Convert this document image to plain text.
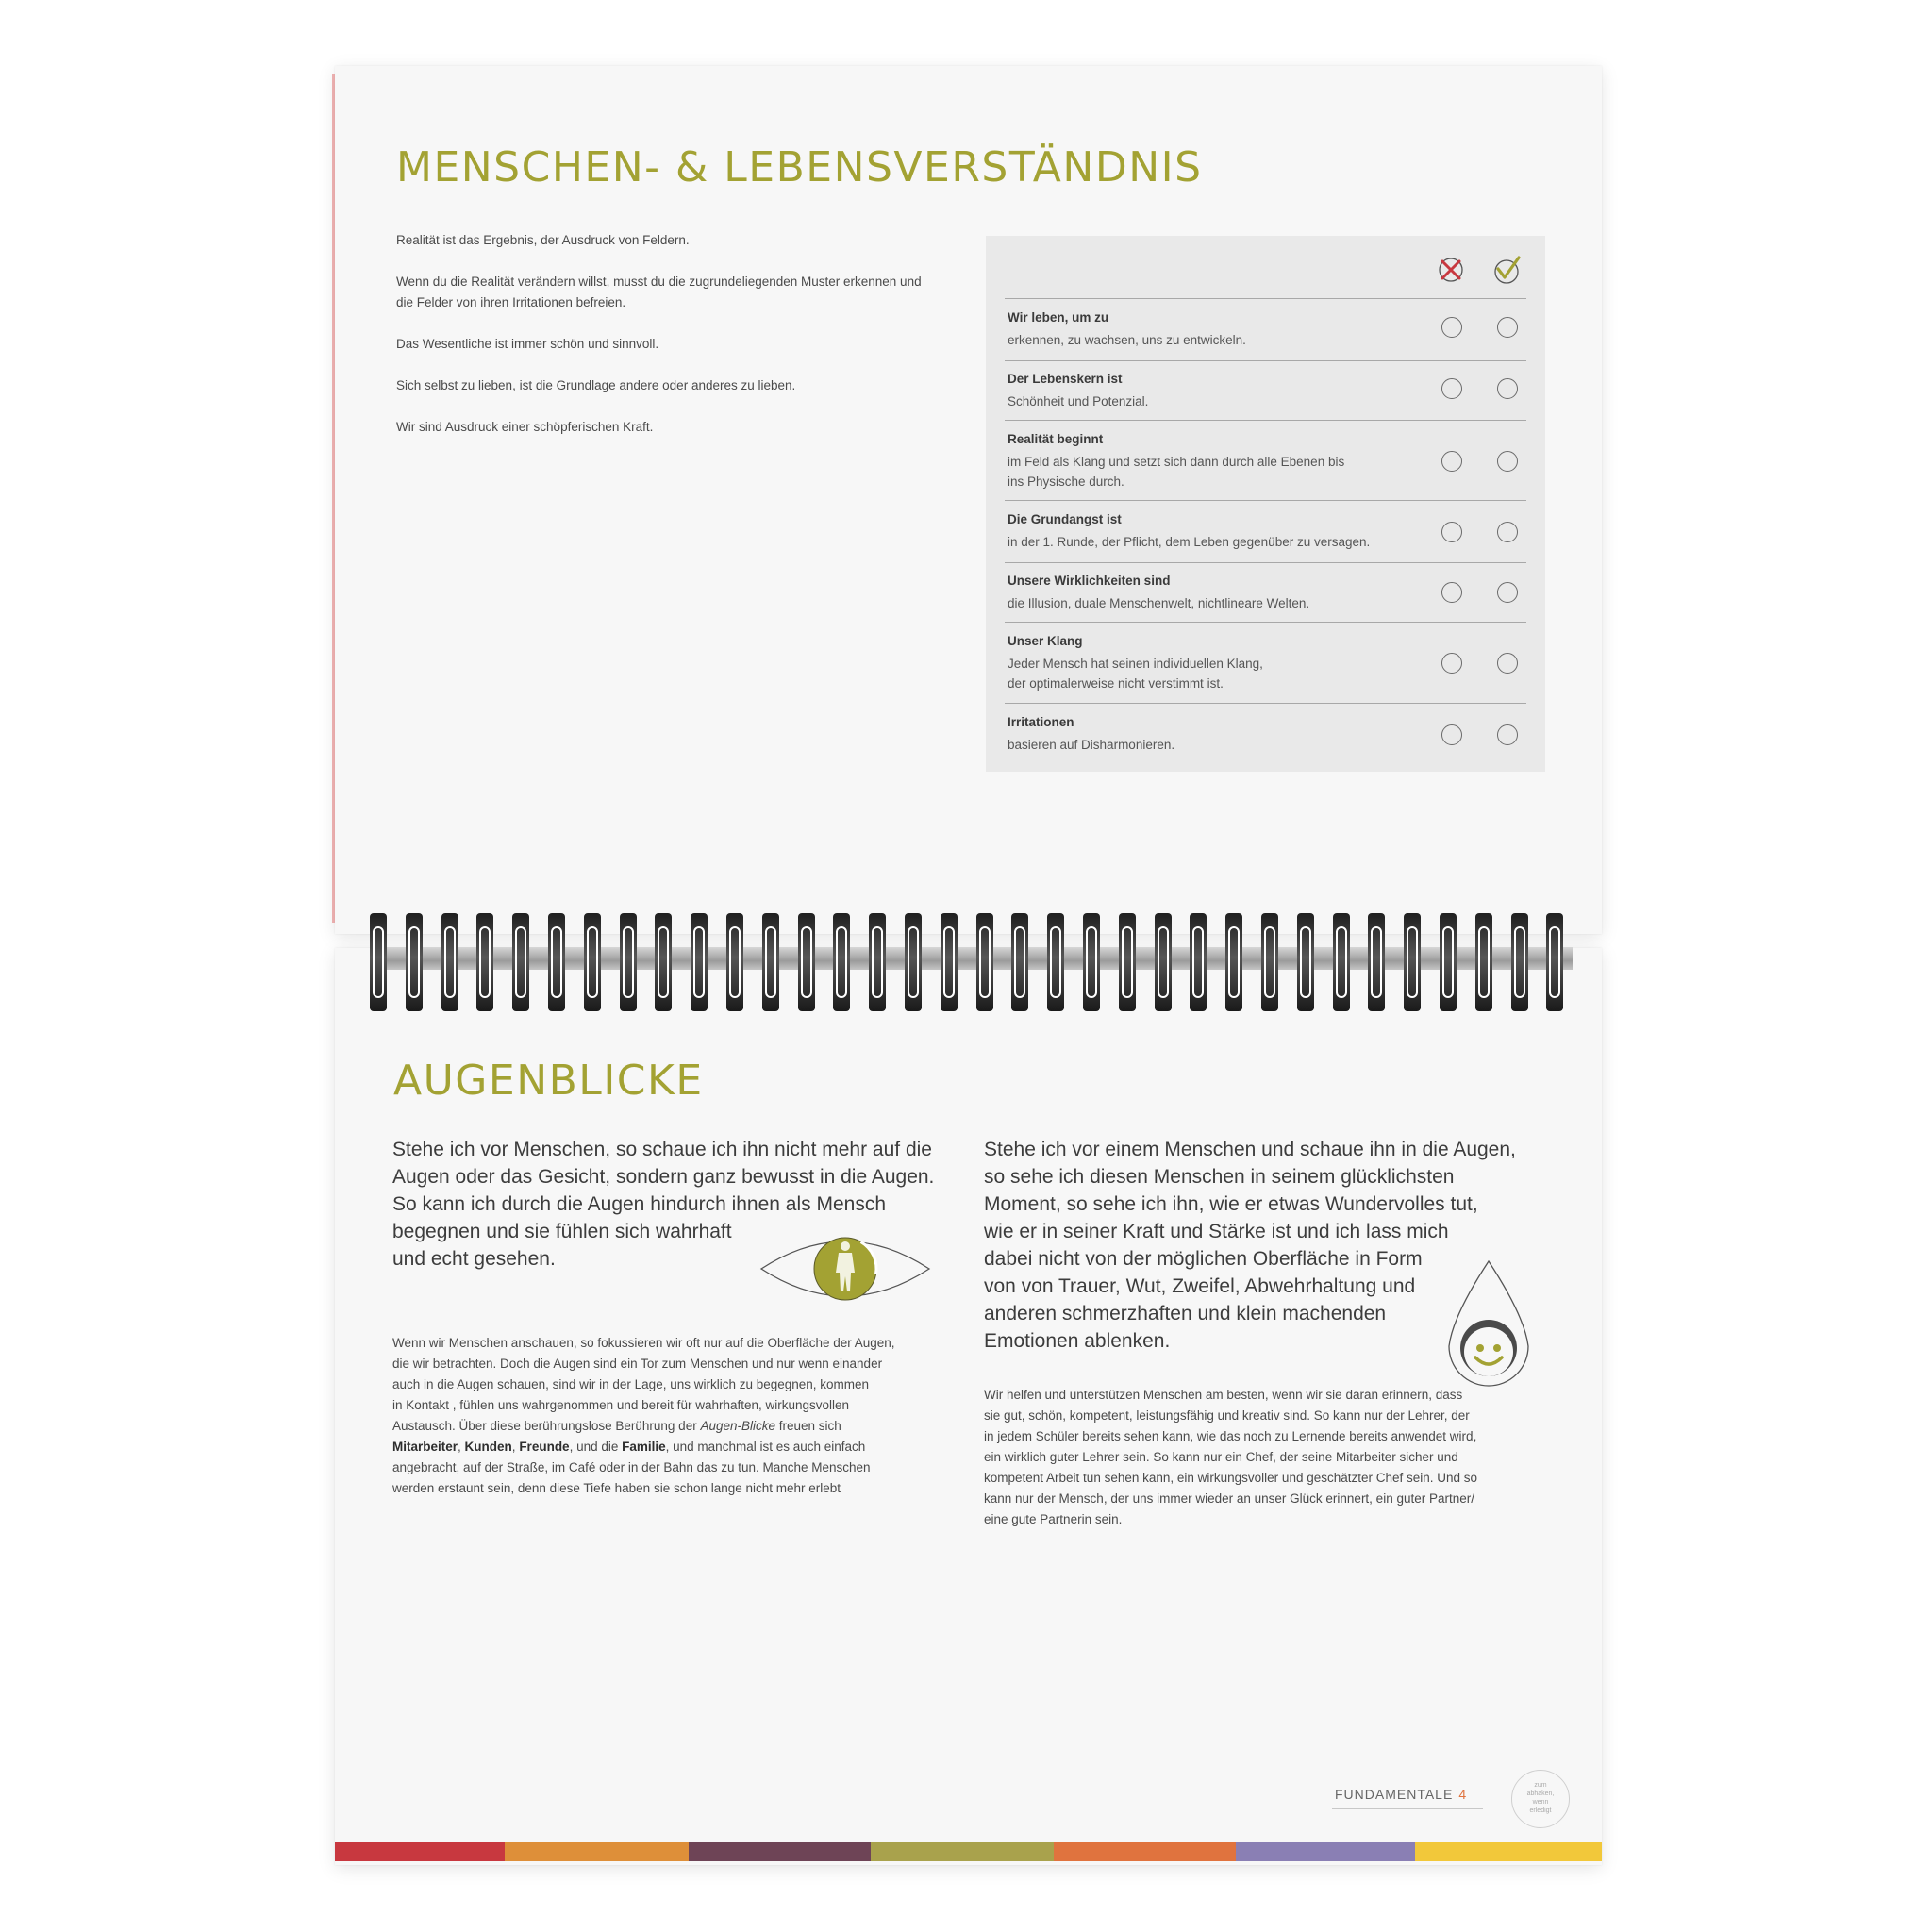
MENSCHEN- & LEBENSVERSTÄNDNIS

Realität ist das Ergebnis, der Ausdruck von Feldern.

Wenn du die Realität verändern willst, musst du die zugrundeliegenden Muster erkennen und die Felder von ihren Irritationen befreien.

Das Wesentliche ist immer schön und sinnvoll.

Sich selbst zu lieben, ist die Grundlage andere oder anderes zu lieben.

Wir sind Ausdruck einer schöpferischen Kraft.

Wir leben, um zu
erkennen, zu wachsen, uns zu entwickeln.
Der Lebenskern ist
Schönheit und Potenzial.
Realität beginnt
im Feld als Klang und setzt sich dann durch alle Ebenen bis
ins Physische durch.
Die Grundangst ist
in der 1. Runde, der Pflicht, dem Leben gegenüber zu versagen.
Unsere Wirklichkeiten sind
die Illusion, duale Menschenwelt, nichtlineare Welten.
Unser Klang
Jeder Mensch hat seinen individuellen Klang,
der optimalerweise nicht verstimmt ist.
Irritationen
basieren auf Disharmonieren.
AUGENBLICKE

Stehe ich vor Menschen, so schaue ich ihn nicht mehr auf die

Augen oder das Gesicht, sondern ganz bewusst in die Augen.

So kann ich durch die Augen hindurch ihnen als Mensch

begegnen und sie fühlen sich wahrhaft

und echt gesehen.

Stehe ich vor einem Menschen und schaue ihn in die Augen,

so sehe ich diesen Menschen in seinem glücklichsten

Moment, so sehe ich ihn, wie er etwas Wundervolles tut,

wie er in seiner Kraft und Stärke ist und ich lass mich

dabei nicht von der möglichen Oberfläche in Form

von von Trauer, Wut, Zweifel, Abwehrhaltung und

anderen schmerzhaften und klein machenden

Emotionen ablenken.

Wenn wir Menschen anschauen, so fokussieren wir oft nur auf die Oberfläche der Augen,

die wir betrachten. Doch die Augen sind ein Tor zum Menschen und nur wenn einander

auch in die Augen schauen, sind wir in der Lage, uns wirklich zu begegnen, kommen

in Kontakt , fühlen uns wahrgenommen und bereit für wahrhaften, wirkungsvollen

Austausch. Über diese berührungslose Berührung der Augen-Blicke freuen sich

Mitarbeiter, Kunden, Freunde, und die Familie, und manchmal ist es auch einfach

angebracht, auf der Straße, im Café oder in der Bahn das zu tun. Manche Menschen

werden erstaunt sein, denn diese Tiefe haben sie schon lange nicht mehr erlebt

Wir helfen und unterstützen Menschen am besten, wenn wir sie daran erinnern, dass

sie gut, schön, kompetent, leistungsfähig und kreativ sind. So kann nur der Lehrer, der

in jedem Schüler bereits sehen kann, wie das noch zu Lernende bereits anwendet wird,

ein wirklich guter Lehrer sein. So kann nur ein Chef, der seine Mitarbeiter sicher und

kompetent Arbeit tun sehen kann, ein wirkungsvoller und geschätzter Chef sein. Und so

kann nur der Mensch, der uns immer wieder an unser Glück erinnert, ein guter Partner/

eine gute Partnerin sein.

FUNDAMENTALE 4
zum
abhaken,
wenn
erledigt
